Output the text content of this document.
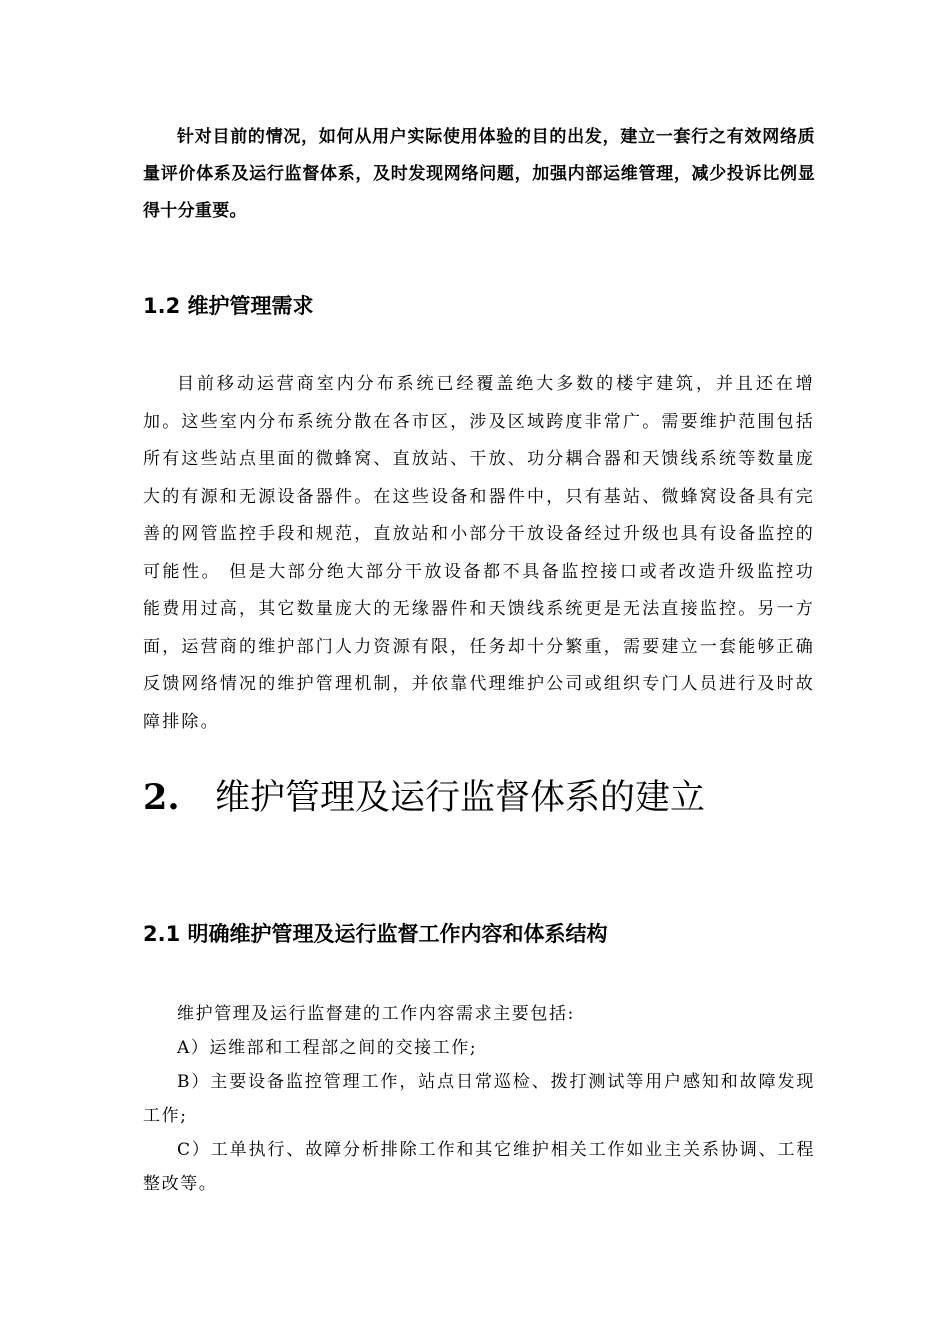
针对目前的情况，如何从用户实际使用体验的目的出发，建立一套行之有效网络质量评价体系及运行监督体系，及时发现网络问题，加强内部运维管理，减少投诉比例显得十分重要。

1.2 维护管理需求

目前移动运营商室内分布系统已经覆盖绝大多数的楼宇建筑，并且还在增加。这些室内分布系统分散在各市区，涉及区域跨度非常广。需要维护范围包括所有这些站点里面的微蜂窝、直放站、干放、功分耦合器和天馈线系统等数量庞大的有源和无源设备器件。在这些设备和器件中，只有基站、微蜂窝设备具有完善的网管监控手段和规范，直放站和小部分干放设备经过升级也具有设备监控的可能性。 但是大部分绝大部分干放设备都不具备监控接口或者改造升级监控功能费用过高，其它数量庞大的无缘器件和天馈线系统更是无法直接监控。另一方面，运营商的维护部门人力资源有限，任务却十分繁重，需要建立一套能够正确反馈网络情况的维护管理机制，并依靠代理维护公司或组织专门人员进行及时故障排除。

2.	维护管理及运行监督体系的建立
2.1 明确维护管理及运行监督工作内容和体系结构

维护管理及运行监督建的工作内容需求主要包括:

A）运维部和工程部之间的交接工作;

B）主要设备监控管理工作，站点日常巡检、拨打测试等用户感知和故障发现工作;

C）工单执行、故障分析排除工作和其它维护相关工作如业主关系协调、工程整改等。
